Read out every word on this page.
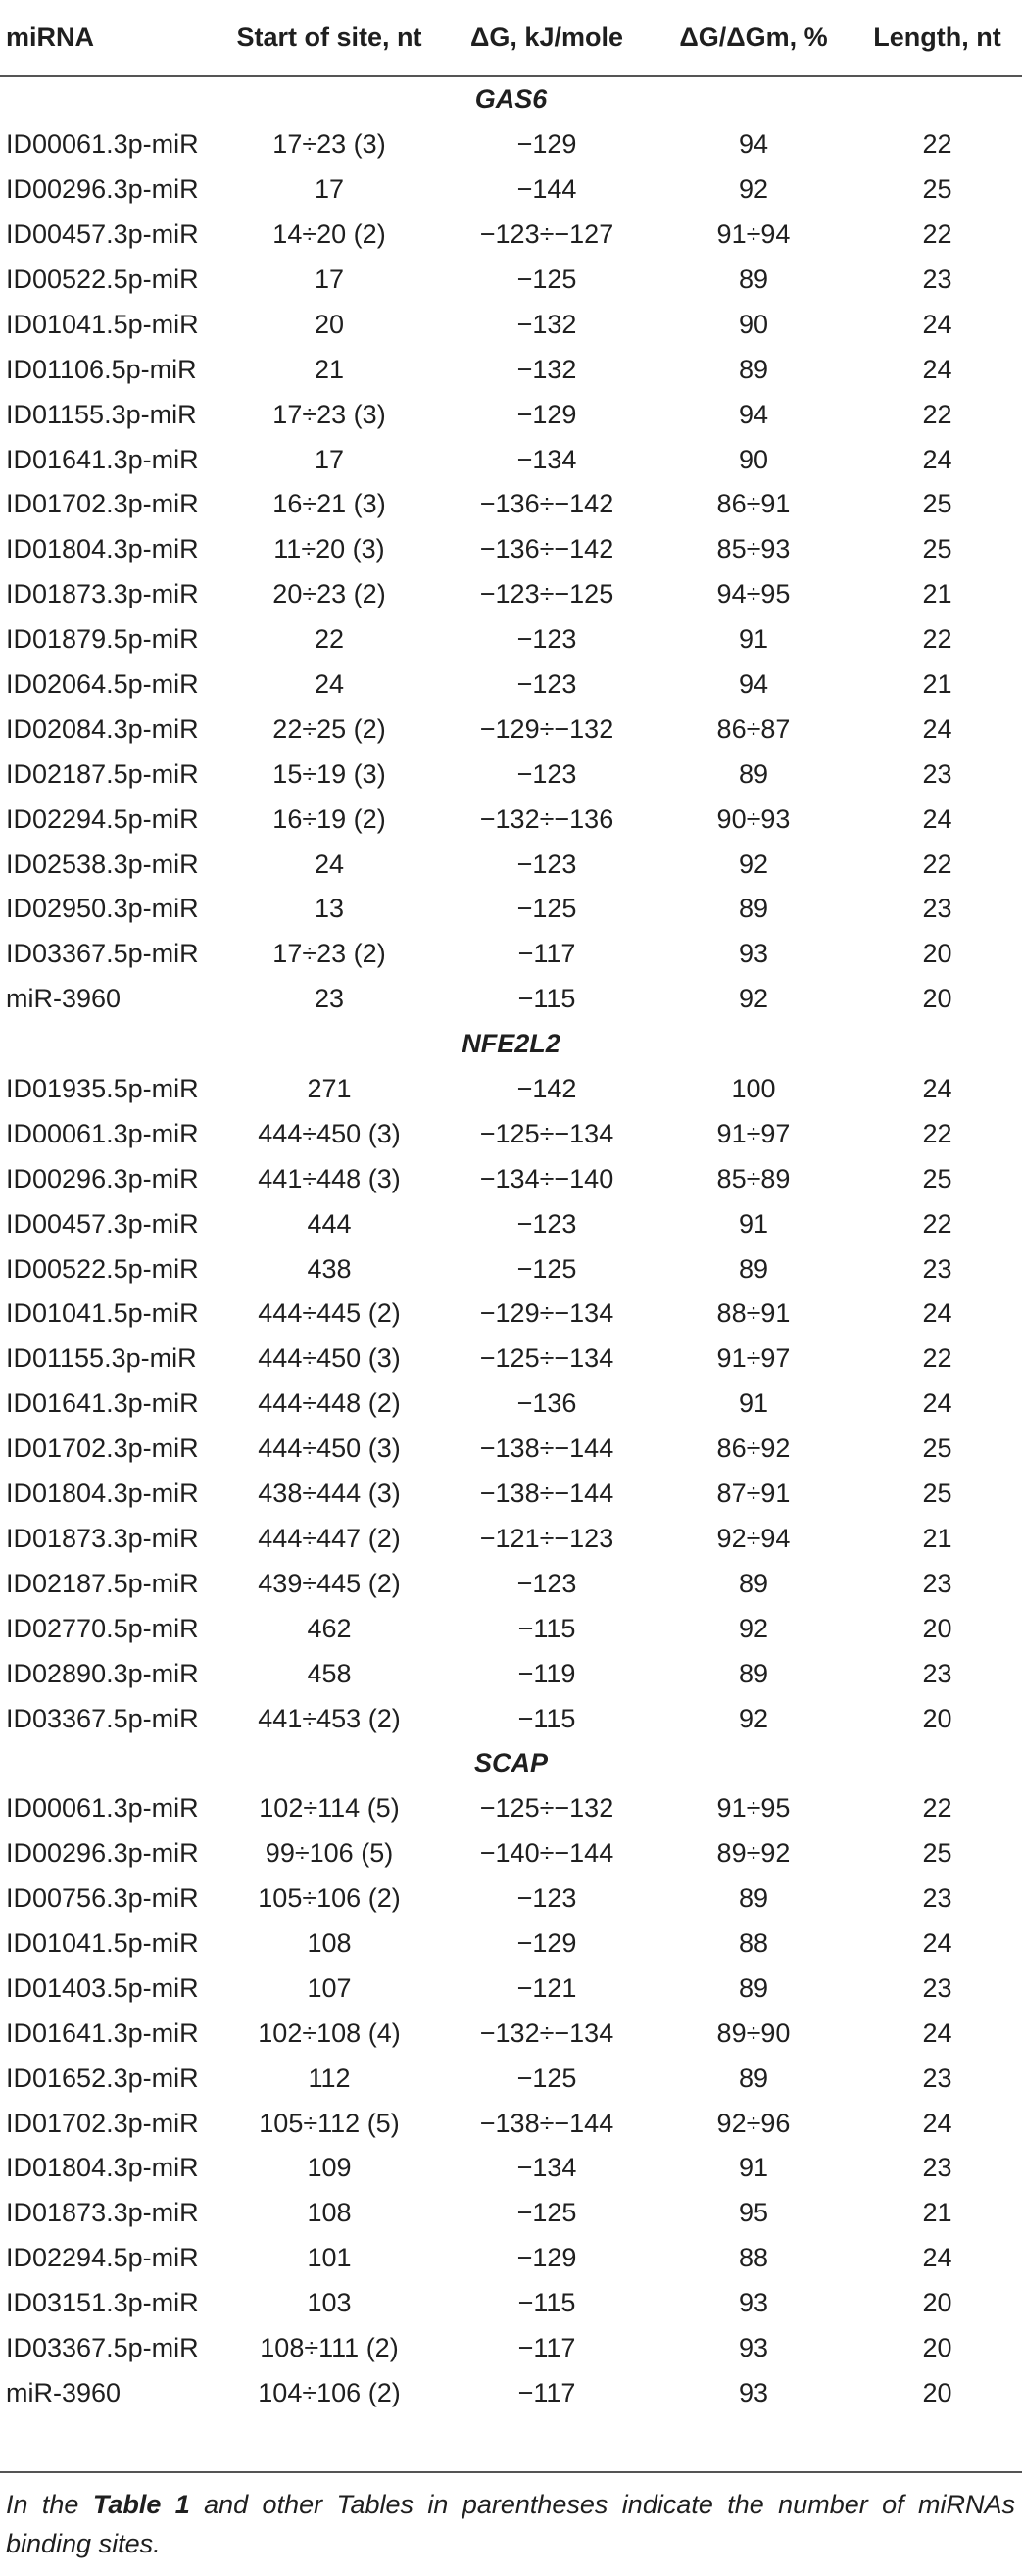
miRNA	Start of site, nt	ΔG, kJ/mole	ΔG/ΔGm, %	Length, nt
GAS6				
ID00061.3p-miR	17÷23 (3)	−129	94	22
ID00296.3p-miR	17	−144	92	25
ID00457.3p-miR	14÷20 (2)	−123÷−127	91÷94	22
ID00522.5p-miR	17	−125	89	23
ID01041.5p-miR	20	−132	90	24
ID01106.5p-miR	21	−132	89	24
ID01155.3p-miR	17÷23 (3)	−129	94	22
ID01641.3p-miR	17	−134	90	24
ID01702.3p-miR	16÷21 (3)	−136÷−142	86÷91	25
ID01804.3p-miR	11÷20 (3)	−136÷−142	85÷93	25
ID01873.3p-miR	20÷23 (2)	−123÷−125	94÷95	21
ID01879.5p-miR	22	−123	91	22
ID02064.5p-miR	24	−123	94	21
ID02084.3p-miR	22÷25 (2)	−129÷−132	86÷87	24
ID02187.5p-miR	15÷19 (3)	−123	89	23
ID02294.5p-miR	16÷19 (2)	−132÷−136	90÷93	24
ID02538.3p-miR	24	−123	92	22
ID02950.3p-miR	13	−125	89	23
ID03367.5p-miR	17÷23 (2)	−117	93	20
miR-3960	23	−115	92	20
NFE2L2				
ID01935.5p-miR	271	−142	100	24
ID00061.3p-miR	444÷450 (3)	−125÷−134	91÷97	22
ID00296.3p-miR	441÷448 (3)	−134÷−140	85÷89	25
ID00457.3p-miR	444	−123	91	22
ID00522.5p-miR	438	−125	89	23
ID01041.5p-miR	444÷445 (2)	−129÷−134	88÷91	24
ID01155.3p-miR	444÷450 (3)	−125÷−134	91÷97	22
ID01641.3p-miR	444÷448 (2)	−136	91	24
ID01702.3p-miR	444÷450 (3)	−138÷−144	86÷92	25
ID01804.3p-miR	438÷444 (3)	−138÷−144	87÷91	25
ID01873.3p-miR	444÷447 (2)	−121÷−123	92÷94	21
ID02187.5p-miR	439÷445 (2)	−123	89	23
ID02770.5p-miR	462	−115	92	20
ID02890.3p-miR	458	−119	89	23
ID03367.5p-miR	441÷453 (2)	−115	92	20
SCAP				
ID00061.3p-miR	102÷114 (5)	−125÷−132	91÷95	22
ID00296.3p-miR	99÷106 (5)	−140÷−144	89÷92	25
ID00756.3p-miR	105÷106 (2)	−123	89	23
ID01041.5p-miR	108	−129	88	24
ID01403.5p-miR	107	−121	89	23
ID01641.3p-miR	102÷108 (4)	−132÷−134	89÷90	24
ID01652.3p-miR	112	−125	89	23
ID01702.3p-miR	105÷112 (5)	−138÷−144	92÷96	24
ID01804.3p-miR	109	−134	91	23
ID01873.3p-miR	108	−125	95	21
ID02294.5p-miR	101	−129	88	24
ID03151.3p-miR	103	−115	93	20
ID03367.5p-miR	108÷111 (2)	−117	93	20
miR-3960	104÷106 (2)	−117	93	20
In the Table 1 and other Tables in parentheses indicate the number of miRNAs binding sites.
